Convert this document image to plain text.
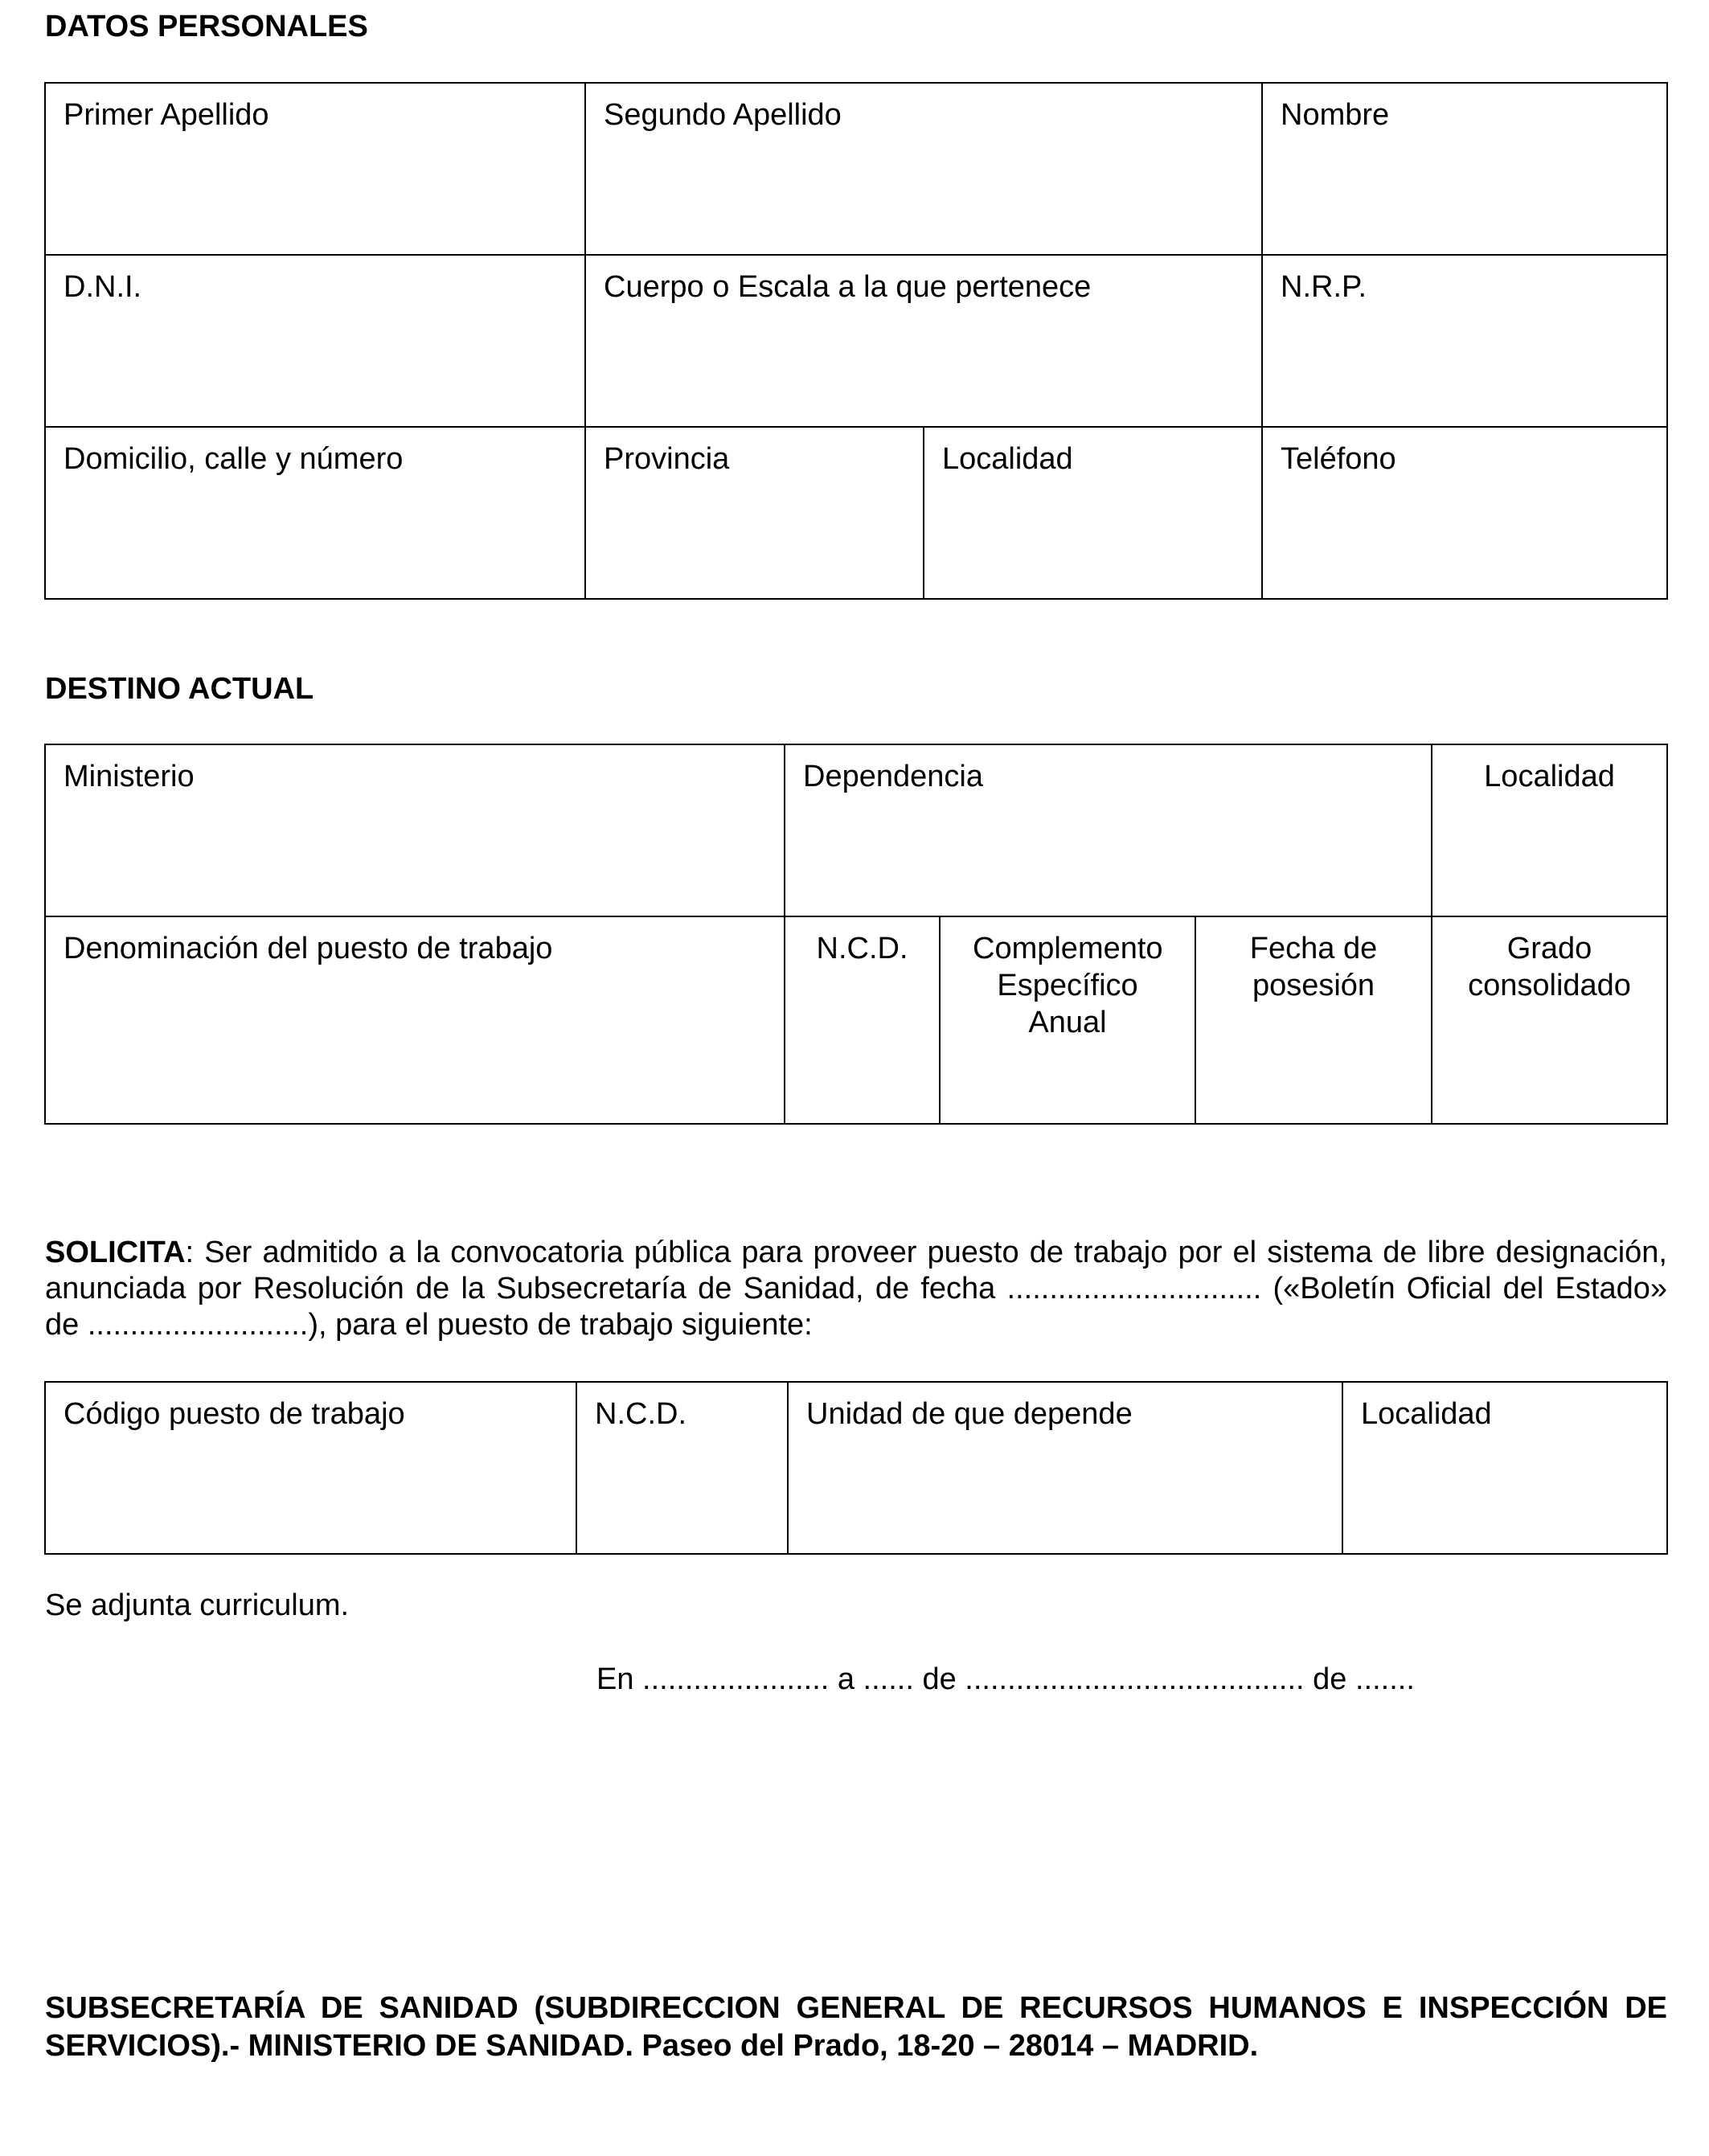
DATOS PERSONALES
Primer Apellido	Segundo Apellido		Nombre
D.N.I.	Cuerpo o Escala a la que pertenece		N.R.P.
Domicilio, calle y número	Provincia	Localidad	Teléfono
DESTINO ACTUAL
Ministerio	Dependencia			Localidad
Denominación del puesto de trabajo	N.C.D.	Complemento Específico Anual	Fecha de posesión	Grado consolidado

SOLICITA: Ser admitido a la convocatoria pública para proveer puesto de trabajo por el sistema de libre designación, anunciada por Resolución de la Subsecretaría de Sanidad, de fecha .............................. («Boletín Oficial del Estado» de ..........................), para el puesto de trabajo siguiente:

Código puesto de trabajo	N.C.D.	Unidad de que depende	Localidad

Se adjunta curriculum.

En ...................... a ...... de ........................................ de .......

SUBSECRETARÍA DE SANIDAD (SUBDIRECCION GENERAL DE RECURSOS HUMANOS E INSPECCIÓN DE SERVICIOS).- MINISTERIO DE SANIDAD. Paseo del Prado, 18-20 – 28014 – MADRID.
